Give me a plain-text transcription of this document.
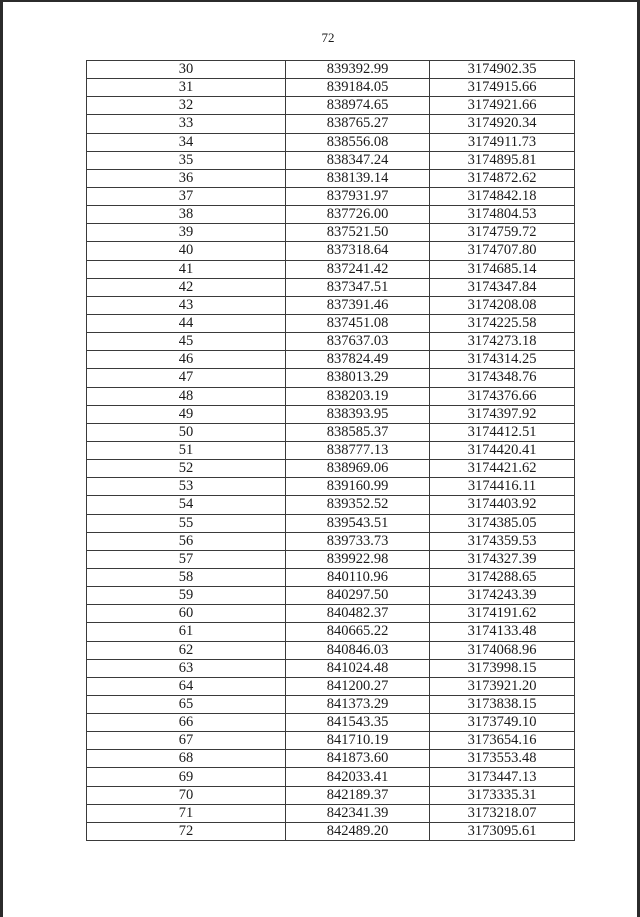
72
30	839392.99	3174902.35
31	839184.05	3174915.66
32	838974.65	3174921.66
33	838765.27	3174920.34
34	838556.08	3174911.73
35	838347.24	3174895.81
36	838139.14	3174872.62
37	837931.97	3174842.18
38	837726.00	3174804.53
39	837521.50	3174759.72
40	837318.64	3174707.80
41	837241.42	3174685.14
42	837347.51	3174347.84
43	837391.46	3174208.08
44	837451.08	3174225.58
45	837637.03	3174273.18
46	837824.49	3174314.25
47	838013.29	3174348.76
48	838203.19	3174376.66
49	838393.95	3174397.92
50	838585.37	3174412.51
51	838777.13	3174420.41
52	838969.06	3174421.62
53	839160.99	3174416.11
54	839352.52	3174403.92
55	839543.51	3174385.05
56	839733.73	3174359.53
57	839922.98	3174327.39
58	840110.96	3174288.65
59	840297.50	3174243.39
60	840482.37	3174191.62
61	840665.22	3174133.48
62	840846.03	3174068.96
63	841024.48	3173998.15
64	841200.27	3173921.20
65	841373.29	3173838.15
66	841543.35	3173749.10
67	841710.19	3173654.16
68	841873.60	3173553.48
69	842033.41	3173447.13
70	842189.37	3173335.31
71	842341.39	3173218.07
72	842489.20	3173095.61
